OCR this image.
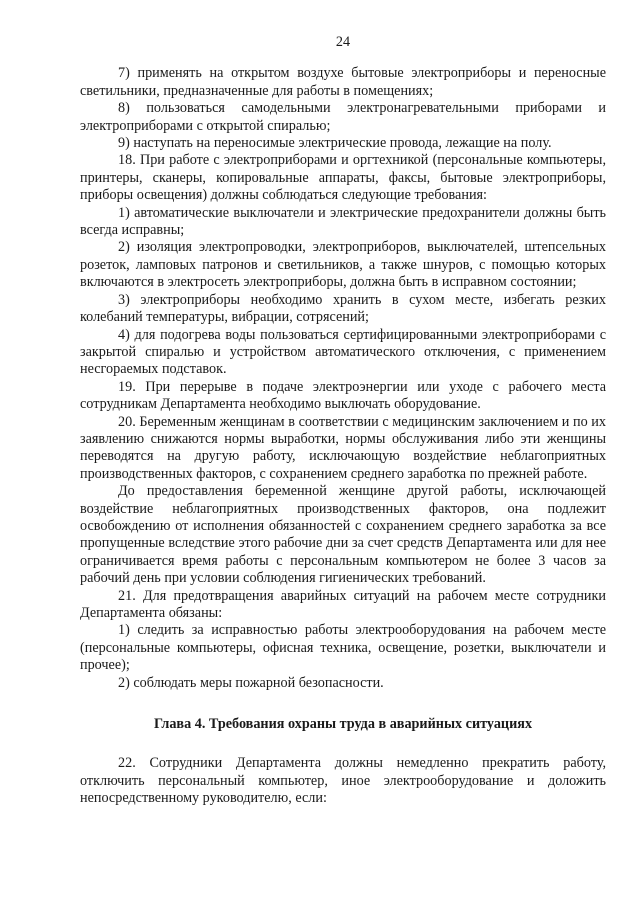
24

7) применять на открытом воздухе бытовые электроприборы и переносные светильники, предназначенные для работы в помещениях;

8) пользоваться самодельными электронагревательными приборами и электроприборами с открытой спиралью;

9) наступать на переносимые электрические провода, лежащие на полу.

18. При работе с электроприборами и оргтехникой (персональные компьютеры, принтеры, сканеры, копировальные аппараты, факсы, бытовые электроприборы, приборы освещения) должны соблюдаться следующие требования:

1) автоматические выключатели и электрические предохранители должны быть всегда исправны;

2) изоляция электропроводки, электроприборов, выключателей, штепсельных розеток, ламповых патронов и светильников, а также шнуров, с помощью которых включаются в электросеть электроприборы, должна быть в исправном состоянии;

3) электроприборы необходимо хранить в сухом месте, избегать резких колебаний температуры, вибрации, сотрясений;

4) для подогрева воды пользоваться сертифицированными электроприборами с закрытой спиралью и устройством автоматического отключения, с применением несгораемых подставок.

19. При перерыве в подаче электроэнергии или уходе с рабочего места сотрудникам Департамента необходимо выключать оборудование.

20. Беременным женщинам в соответствии с медицинским заключением и по их заявлению снижаются нормы выработки, нормы обслуживания либо эти женщины переводятся на другую работу, исключающую воздействие неблагоприятных производственных факторов, с сохранением среднего заработка по прежней работе.

До предоставления беременной женщине другой работы, исключающей воздействие неблагоприятных производственных факторов, она подлежит освобождению от исполнения обязанностей с сохранением среднего заработка за все пропущенные вследствие этого рабочие дни за счет средств Департамента или для нее ограничивается время работы с персональным компьютером не более 3 часов за рабочий день при условии соблюдения гигиенических требований.

21. Для предотвращения аварийных ситуаций на рабочем месте сотрудники Департамента обязаны:

1) следить за исправностью работы электрооборудования на рабочем месте (персональные компьютеры, офисная техника, освещение, розетки, выключатели и прочее);

2) соблюдать меры пожарной безопасности.

Глава 4. Требования охраны труда в аварийных ситуациях

22. Сотрудники Департамента должны немедленно прекратить работу, отключить персональный компьютер, иное электрооборудование и доложить непосредственному руководителю, если:
